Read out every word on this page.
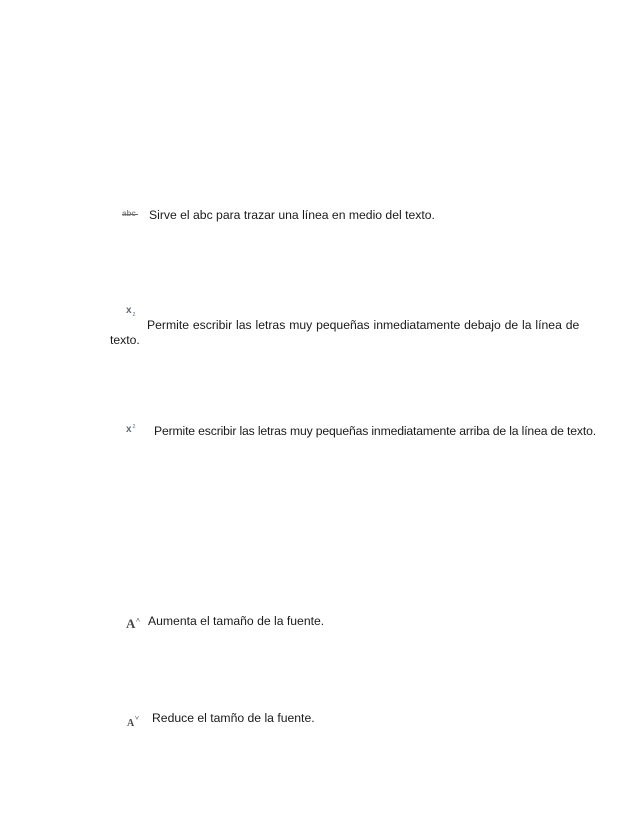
Sirve el abc para trazar una línea en medio del texto.
$x_2$
Permite escribir las letras muy pequeñas inmediatamente debajo de la línea de texto.
$x^2$	Permite escribir las letras muy pequeñas inmediatamente arriba de la línea de texto.
A ˄ Aumenta el tamaño de la fuente.
A ˅ Reduce el tamño de la fuente.
